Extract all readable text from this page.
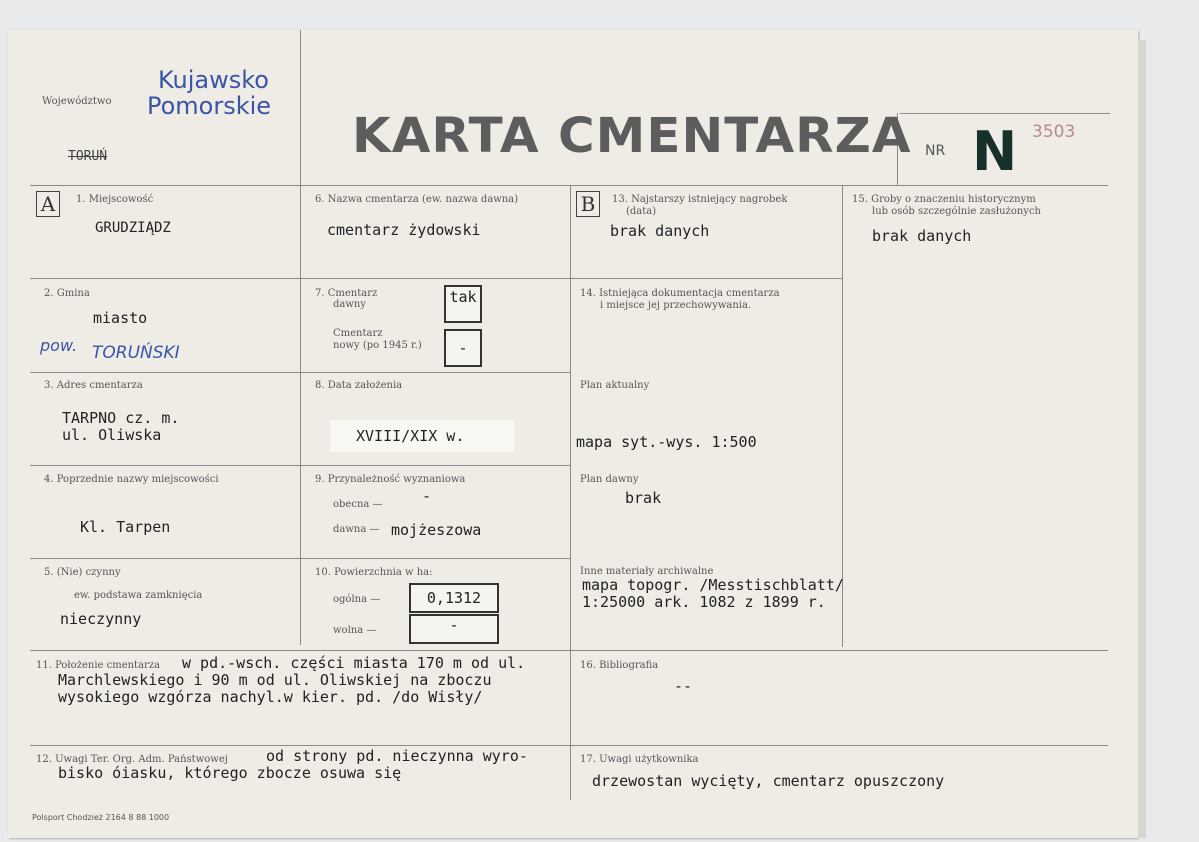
Województwo
Kujawsko
Pomorskie
TORUŃ	KARTA CMENTARZA NR N 3503
A	B
1. Miejscowość
GRUDZIĄDZ
2. Gmina
miasto
pow. TORUŃSKI
3. Adres cmentarza
TARPNO cz. m.
ul. Oliwska
4. Poprzednie nazwy miejscowości
Kl. Tarpen
5. (Nie) czynny
ew. podstawa zamknięcia
nieczynny
6. Nazwa cmentarza (ew. nazwa dawna)
cmentarz żydowski
7. Cmentarz
dawny	tak
Cmentarz
nowy (po 1945 r.)	-
8. Data założenia
XVIII/XIX w.
9. Przynależność wyznaniowa
obecna —	-
dawna — mojżeszowa
10. Powierzchnia w ha:
ogólna —	0,1312
wolna —	-
11. Położenie cmentarza w pd.-wsch. części miasta 170 m od ul.
Marchlewskiego i 90 m od ul. Oliwskiej na zboczu
wysokiego wzgórza nachyl.w kier. pd. /do Wisły/
12. Uwagi Ter. Org. Adm. Państwowej	od strony pd. nieczynna wyro-
bisko óiasku, którego zbocze osuwa się
13. Najstarszy istniejący nagrobek
(data)
brak danych
14. Istniejąca dokumentacja cmentarza
i miejsce jej przechowywania.
Plan aktualny
mapa syt.-wys. 1:500
Plan dawny
brak
Inne materiały archiwalne
mapa topogr. /Messtischblatt/
1:25000 ark. 1082 z 1899 r.
16. Bibliografia
--
17. Uwagi użytkownika
drzewostan wycięty, cmentarz opuszczony
15. Groby o znaczeniu historycznym
lub osób szczególnie zasłużonych
brak danych
Polsport Chodzież 2164 8 88 1000
